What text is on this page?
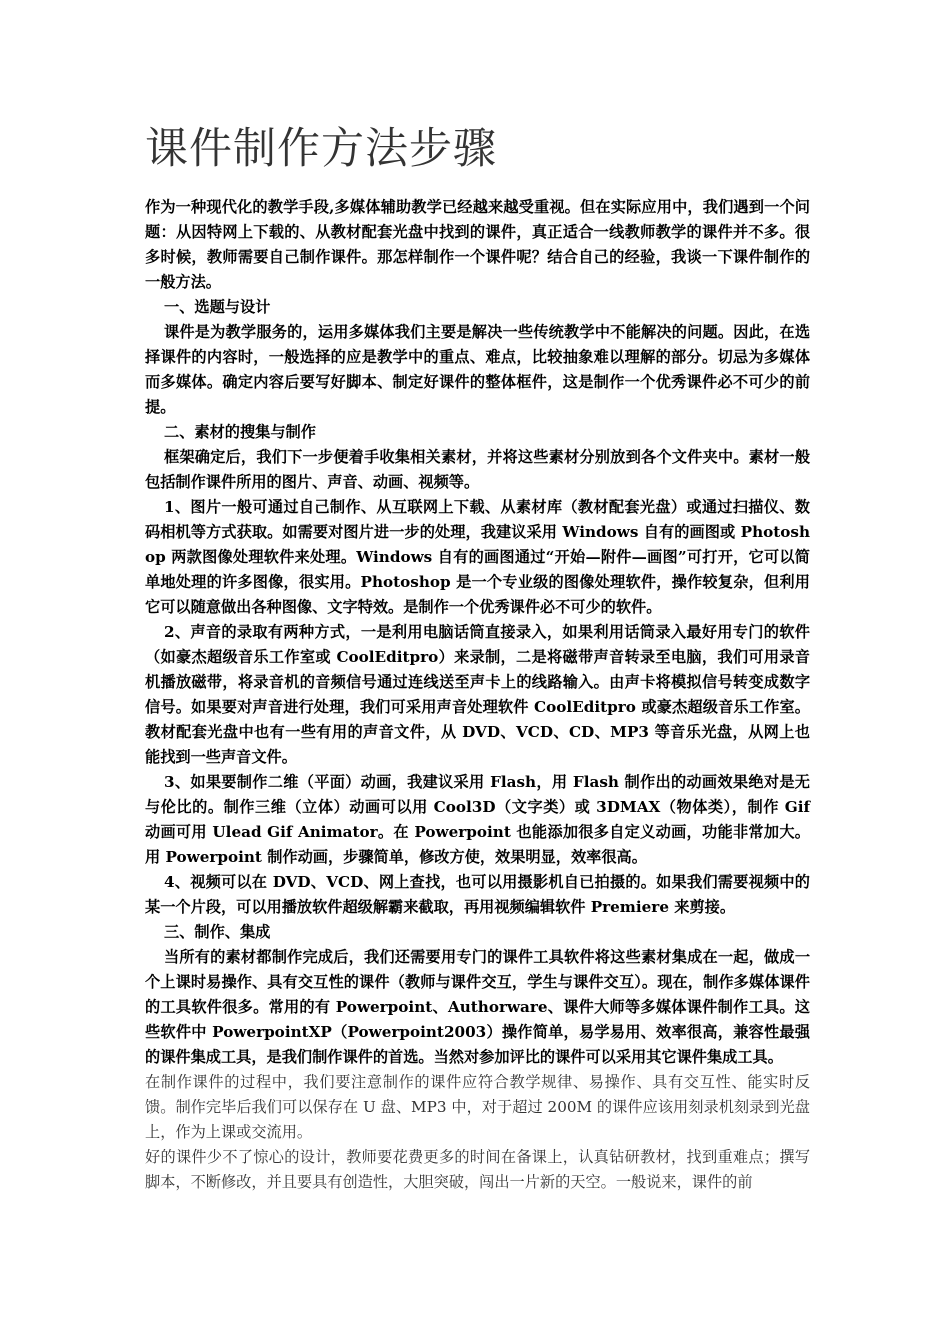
课件制作方法步骤

作为一种现代化的教学手段,多媒体辅助教学已经越来越受重视。但在实际应用中，我们遇到一个问题：从因特网上下载的、从教材配套光盘中找到的课件，真正适合一线教师教学的课件并不多。很多时候，教师需要自己制作课件。那怎样制作一个课件呢？结合自己的经验，我谈一下课件制作的一般方法。

一、选题与设计

课件是为教学服务的，运用多媒体我们主要是解决一些传统教学中不能解决的问题。因此，在选择课件的内容时，一般选择的应是教学中的重点、难点，比较抽象难以理解的部分。切忌为多媒体而多媒体。确定内容后要写好脚本、制定好课件的整体框件，这是制作一个优秀课件必不可少的前提。

二、素材的搜集与制作

框架确定后，我们下一步便着手收集相关素材，并将这些素材分别放到各个文件夹中。素材一般包括制作课件所用的图片、声音、动画、视频等。

1、图片一般可通过自己制作、从互联网上下载、从素材库（教材配套光盘）或通过扫描仪、数码相机等方式获取。如需要对图片进一步的处理，我建议采用 Windows 自有的画图或 Photoshop 两款图像处理软件来处理。Windows 自有的画图通过“开始—附件—画图”可打开，它可以简单地处理的许多图像，很实用。Photoshop 是一个专业级的图像处理软件，操作较复杂，但利用它可以随意做出各种图像、文字特效。是制作一个优秀课件必不可少的软件。

2、声音的录取有两种方式，一是利用电脑话筒直接录入，如果利用话筒录入最好用专门的软件（如豪杰超级音乐工作室或 CoolEditpro）来录制，二是将磁带声音转录至电脑，我们可用录音机播放磁带，将录音机的音频信号通过连线送至声卡上的线路输入。由声卡将模拟信号转变成数字信号。如果要对声音进行处理，我们可采用声音处理软件 CoolEditpro 或豪杰超级音乐工作室。教材配套光盘中也有一些有用的声音文件，从 DVD、VCD、CD、MP3 等音乐光盘，从网上也能找到一些声音文件。

3、如果要制作二维（平面）动画，我建议采用 Flash，用 Flash 制作出的动画效果绝对是无与伦比的。制作三维（立体）动画可以用 Cool3D（文字类）或 3DMAX（物体类），制作 Gif 动画可用 Ulead Gif Animator。在 Powerpoint 也能添加很多自定义动画，功能非常加大。用 Powerpoint 制作动画，步骤简单，修改方使，效果明显，效率很高。

4、视频可以在 DVD、VCD、网上查找，也可以用摄影机自已拍摄的。如果我们需要视频中的某一个片段，可以用播放软件超级解霸来截取，再用视频编辑软件 Premiere 来剪接。

三、制作、集成

当所有的素材都制作完成后，我们还需要用专门的课件工具软件将这些素材集成在一起，做成一个上课时易操作、具有交互性的课件（教师与课件交互，学生与课件交互）。现在，制作多媒体课件的工具软件很多。常用的有 Powerpoint、Authorware、课件大师等多媒体课件制作工具。这些软件中 PowerpointXP（Powerpoint2003）操作简单，易学易用、效率很高，兼容性最强的课件集成工具，是我们制作课件的首选。当然对参加评比的课件可以采用其它课件集成工具。

在制作课件的过程中，我们要注意制作的课件应符合教学规律、易操作、具有交互性、能实时反馈。制作完毕后我们可以保存在 U 盘、MP3 中，对于超过 200M 的课件应该用刻录机刻录到光盘上，作为上课或交流用。

好的课件少不了惊心的设计，教师要花费更多的时间在备课上，认真钻研教材，找到重难点；撰写脚本，不断修改，并且要具有创造性，大胆突破，闯出一片新的天空。一般说来，课件的前
